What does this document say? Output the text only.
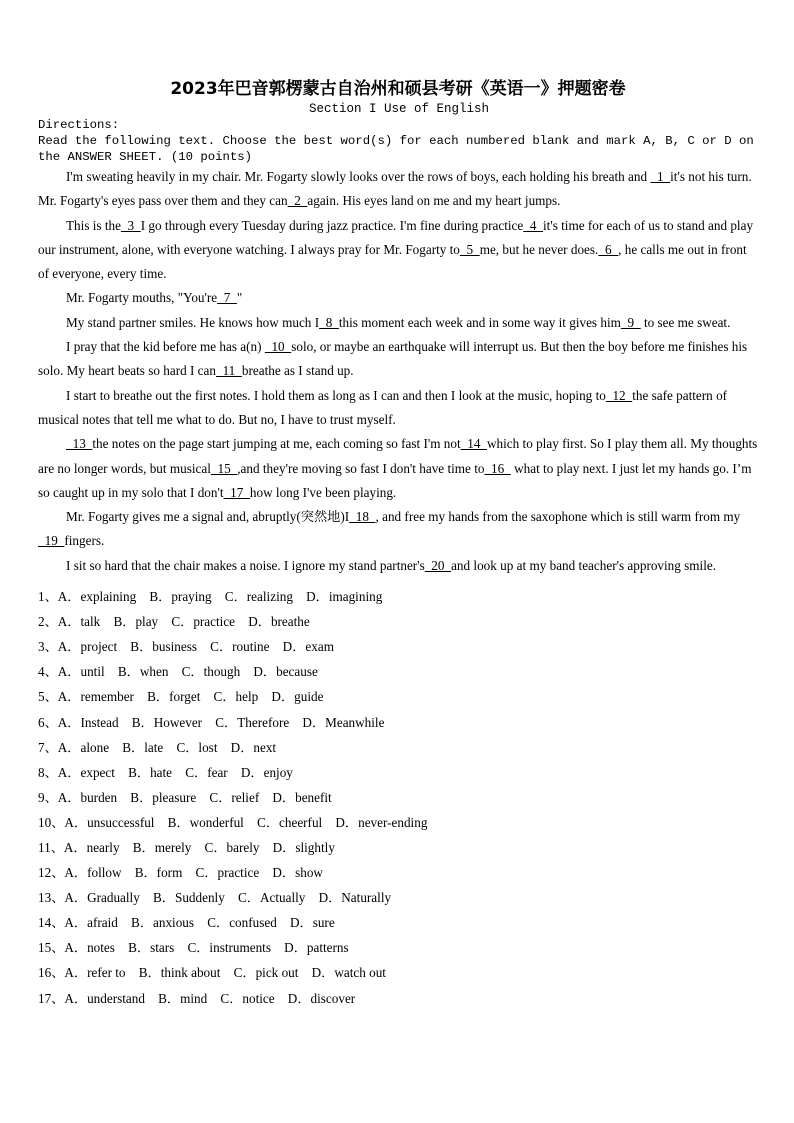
2023年巴音郭楞蒙古自治州和硕县考研《英语一》押题密卷
Section I Use of English
Directions:
Read the following text. Choose the best word(s) for each numbered blank and mark A, B, C or D on the ANSWER SHEET. (10 points)

I'm sweating heavily in my chair. Mr. Fogarty slowly looks over the rows of boys, each holding his breath and   1  it's not his turn. Mr. Fogarty's eyes pass over them and they can  2  again. His eyes land on me and my heart jumps.

This is the  3  I go through every Tuesday during jazz practice. I'm fine during practice  4  it's time for each of us to stand and play our instrument, alone, with everyone watching. I always pray for Mr. Fogarty to  5  me, but he never does.  6  , he calls me out in front of everyone, every time.

Mr. Fogarty mouths, "You're  7  "

My stand partner smiles. He knows how much I  8  this moment each week and in some way it gives him  9   to see me sweat.

I pray that the kid before me has a(n)   10  solo, or maybe an earthquake will interrupt us. But then the boy before me finishes his solo. My heart beats so hard I can  11  breathe as I stand up.

I start to breathe out the first notes. I hold them as long as I can and then I look at the music, hoping to  12  the safe pattern of musical notes that tell me what to do. But no, I have to trust myself.

13  the notes on the page start jumping at me, each coming so fast I'm not  14  which to play first. So I play them all. My thoughts are no longer words, but musical  15  ,and they're moving so fast I don't have time to  16   what to play next. I just let my hands go. I’m so caught up in my solo that I don't  17  how long I've been playing.

Mr. Fogarty gives me a signal and, abruptly(突然地)I  18  , and free my hands from the saxophone which is still warm from my  19  fingers.

I sit so hard that the chair makes a noise. I ignore my stand partner's  20  and look up at my band teacher's approving smile.

1、A．explaining    B．praying    C．realizing    D．imagining
2、A．talk    B．play    C．practice    D．breathe
3、A．project    B．business    C．routine    D．exam
4、A．until    B．when    C．though    D．because
5、A．remember    B．forget    C．help    D．guide
6、A．Instead    B．However    C．Therefore    D．Meanwhile
7、A．alone    B．late    C．lost    D．next
8、A．expect    B．hate    C．fear    D．enjoy
9、A．burden    B．pleasure    C．relief    D．benefit
10、A．unsuccessful    B．wonderful    C．cheerful    D．never-ending
11、A．nearly    B．merely    C．barely    D．slightly
12、A．follow    B．form    C．practice    D．show
13、A．Gradually    B．Suddenly    C．Actually    D．Naturally
14、A．afraid    B．anxious    C．confused    D．sure
15、A．notes    B．stars    C．instruments    D．patterns
16、A．refer to    B．think about    C．pick out    D．watch out
17、A．understand    B．mind    C．notice    D．discover
